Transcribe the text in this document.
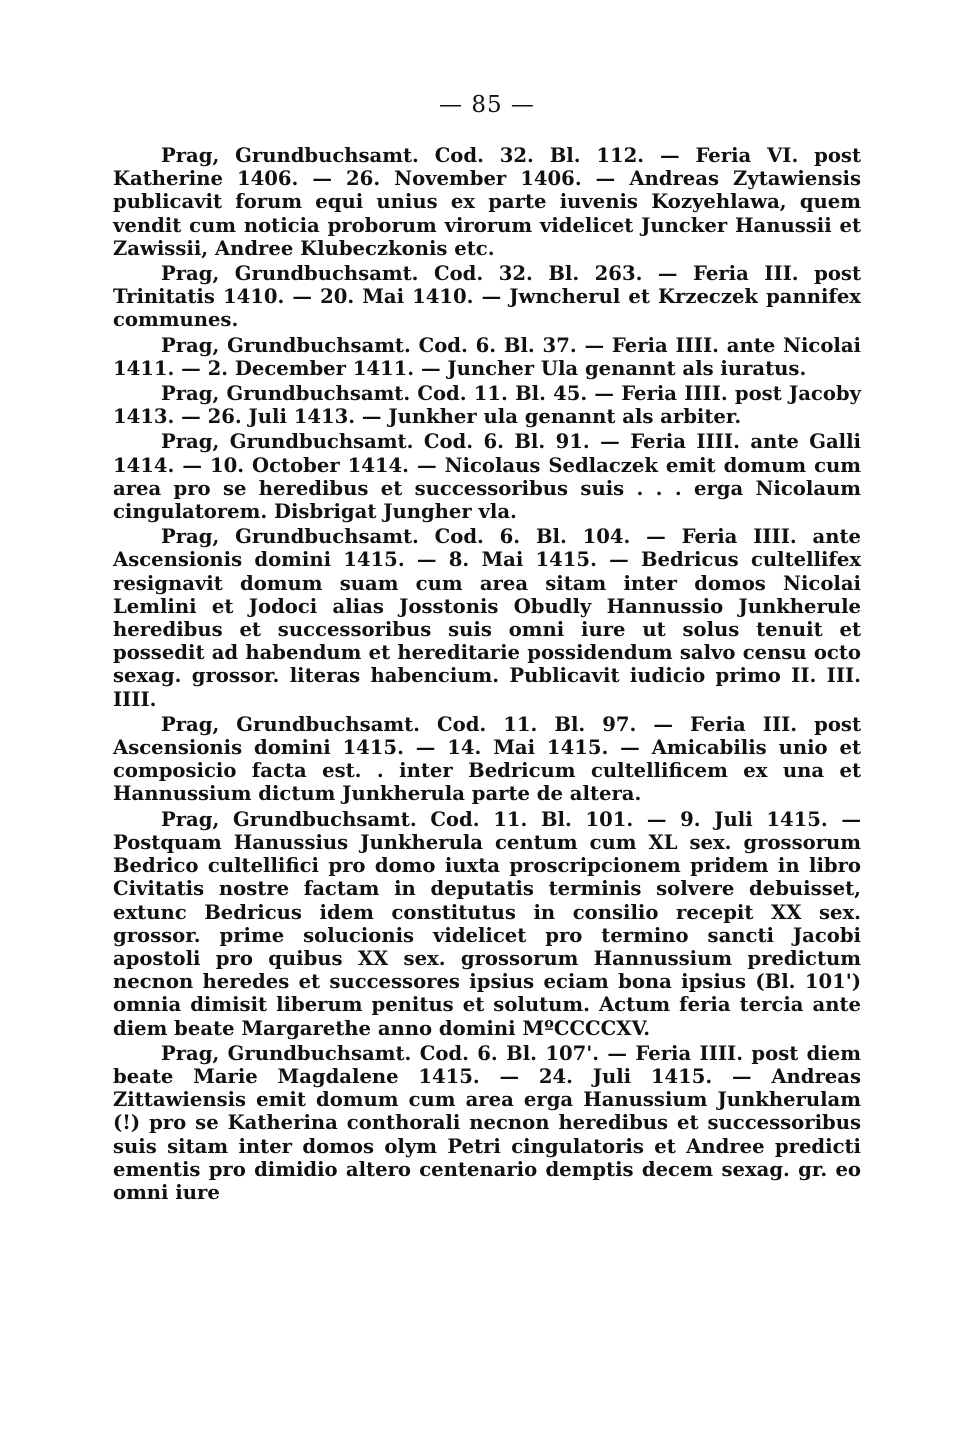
— 85 —

Prag, Grundbuchsamt. Cod. 32. Bl. 112. — Feria VI. post Katherine 1406. — 26. November 1406. — Andreas Zytawiensis publicavit forum equi unius ex parte iuvenis Kozyehlawa, quem vendit cum noticia proborum virorum videlicet Juncker Hanussii et Zawissii, Andree Klubeczkonis etc.

Prag, Grundbuchsamt. Cod. 32. Bl. 263. — Feria III. post Trinitatis 1410. — 20. Mai 1410. — Jwncherul et Krzeczek pannifex communes.

Prag, Grundbuchsamt. Cod. 6. Bl. 37. — Feria IIII. ante Nicolai 1411. — 2. December 1411. — Juncher Ula genannt als iuratus.

Prag, Grundbuchsamt. Cod. 11. Bl. 45. — Feria IIII. post Jacoby 1413. — 26. Juli 1413. — Junkher ula genannt als arbiter.

Prag, Grundbuchsamt. Cod. 6. Bl. 91. — Feria IIII. ante Galli 1414. — 10. October 1414. — Nicolaus Sedlaczek emit domum cum area pro se heredibus et successoribus suis . . . erga Nicolaum cingulatorem. Disbrigat Jungher vla.

Prag, Grundbuchsamt. Cod. 6. Bl. 104. — Feria IIII. ante Ascensionis domini 1415. — 8. Mai 1415. — Bedricus cultellifex resignavit domum suam cum area sitam inter domos Nicolai Lemlini et Jodoci alias Josstonis Obudly Hannussio Junkherule heredibus et successoribus suis omni iure ut solus tenuit et possedit ad habendum et hereditarie possidendum salvo censu octo sexag. grossor. literas habencium. Publicavit iudicio primo II. III. IIII.

Prag, Grundbuchsamt. Cod. 11. Bl. 97. — Feria III. post Ascensionis domini 1415. — 14. Mai 1415. — Amicabilis unio et composicio facta est. . inter Bedricum cultellificem ex una et Hannussium dictum Junkherula parte de altera.

Prag, Grundbuchsamt. Cod. 11. Bl. 101. — 9. Juli 1415. — Postquam Hanussius Junkherula centum cum XL sex. grossorum Bedrico cultellifici pro domo iuxta proscripcionem pridem in libro Civitatis nostre factam in deputatis terminis solvere debuisset, extunc Bedricus idem constitutus in consilio recepit XX sex. grossor. prime solucionis videlicet pro termino sancti Jacobi apostoli pro quibus XX sex. grossorum Hannussium predictum necnon heredes et successores ipsius eciam bona ipsius (Bl. 101') omnia dimisit liberum penitus et solutum. Actum feria tercia ante diem beate Margarethe anno domini MºCCCCXV.

Prag, Grundbuchsamt. Cod. 6. Bl. 107'. — Feria IIII. post diem beate Marie Magdalene 1415. — 24. Juli 1415. — Andreas Zittawiensis emit domum cum area erga Hanussium Junkherulam (!) pro se Katherina conthorali necnon heredibus et successoribus suis sitam inter domos olym Petri cingulatoris et Andree predicti ementis pro dimidio altero centenario demptis decem sexag. gr. eo omni iure
